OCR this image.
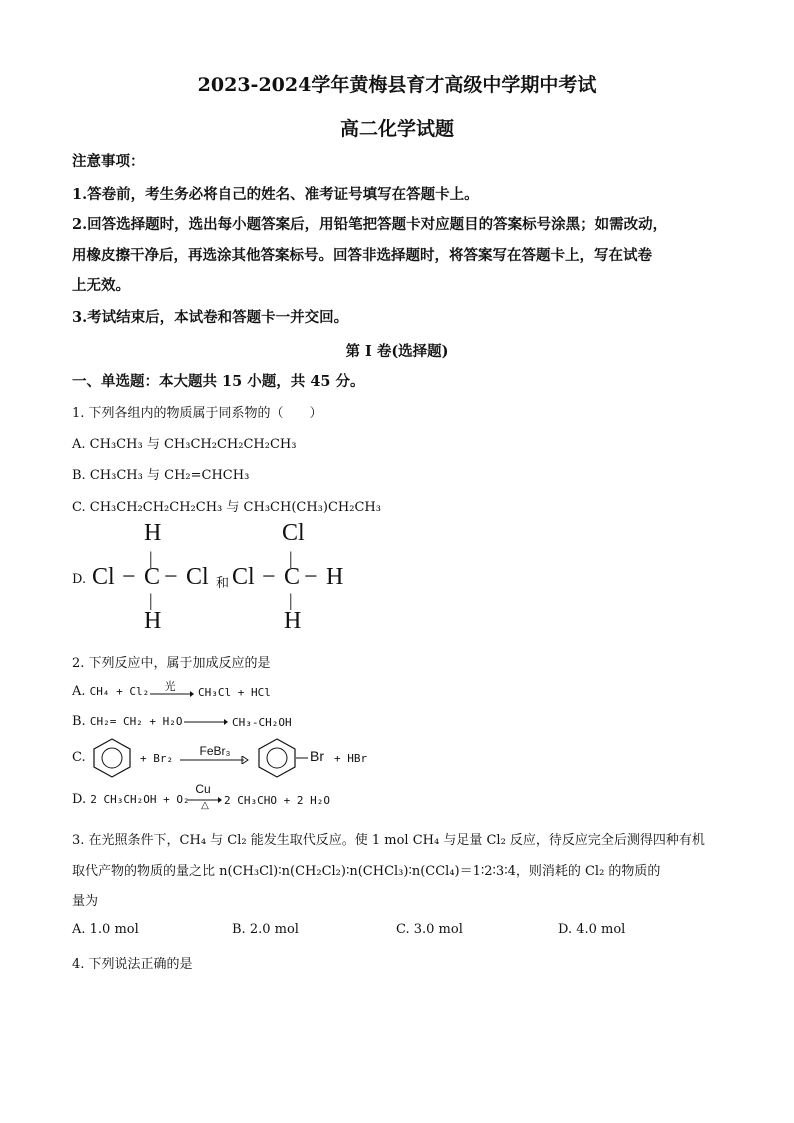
2023-2024学年黄梅县育才高级中学期中考试
高二化学试题
注意事项：
1.答卷前，考生务必将自己的姓名、准考证号填写在答题卡上。
2.回答选择题时，选出每小题答案后，用铅笔把答题卡对应题目的答案标号涂黑；如需改动，
用橡皮擦干净后，再选涂其他答案标号。回答非选择题时，将答案写在答题卡上，写在试卷
上无效。
3.考试结束后，本试卷和答题卡一并交回。
第 I 卷(选择题)
一、单选题：本大题共 15 小题，共 45 分。
1. 下列各组内的物质属于同系物的（　　）
A. CH₃CH₃ 与 CH₃CH₂CH₂CH₂CH₃
B. CH₃CH₃ 与 CH₂=CHCH₃
C. CH₃CH₂CH₂CH₂CH₃ 与 CH₃CH(CH₃)CH₂CH₃
D.
H
|
Cl − C − Cl
|
H
和
Cl
|
Cl − C − H
|
H
2. 下列反应中，属于加成反应的是
A. CH₄ + Cl₂	光 → CH₃Cl + HCl
B. CH₂= CH₂ + H₂O → CH₃-CH₂OH
C.	+ Br₂
FeBr₃	Br + HBr
D. 2 CH₃CH₂OH + O₂
Cu
△	2 CH₃CHO + 2 H₂O
3. 在光照条件下，CH₄ 与 Cl₂ 能发生取代反应。使 1 mol CH₄ 与足量 Cl₂ 反应，待反应完全后测得四种有机
取代产物的物质的量之比 n(CH₃Cl)∶n(CH₂Cl₂)∶n(CHCl₃)∶n(CCl₄)＝1∶2∶3∶4，则消耗的 Cl₂ 的物质的
量为
A. 1.0 mol	B. 2.0 mol	C. 3.0 mol	D. 4.0 mol
4. 下列说法正确的是
